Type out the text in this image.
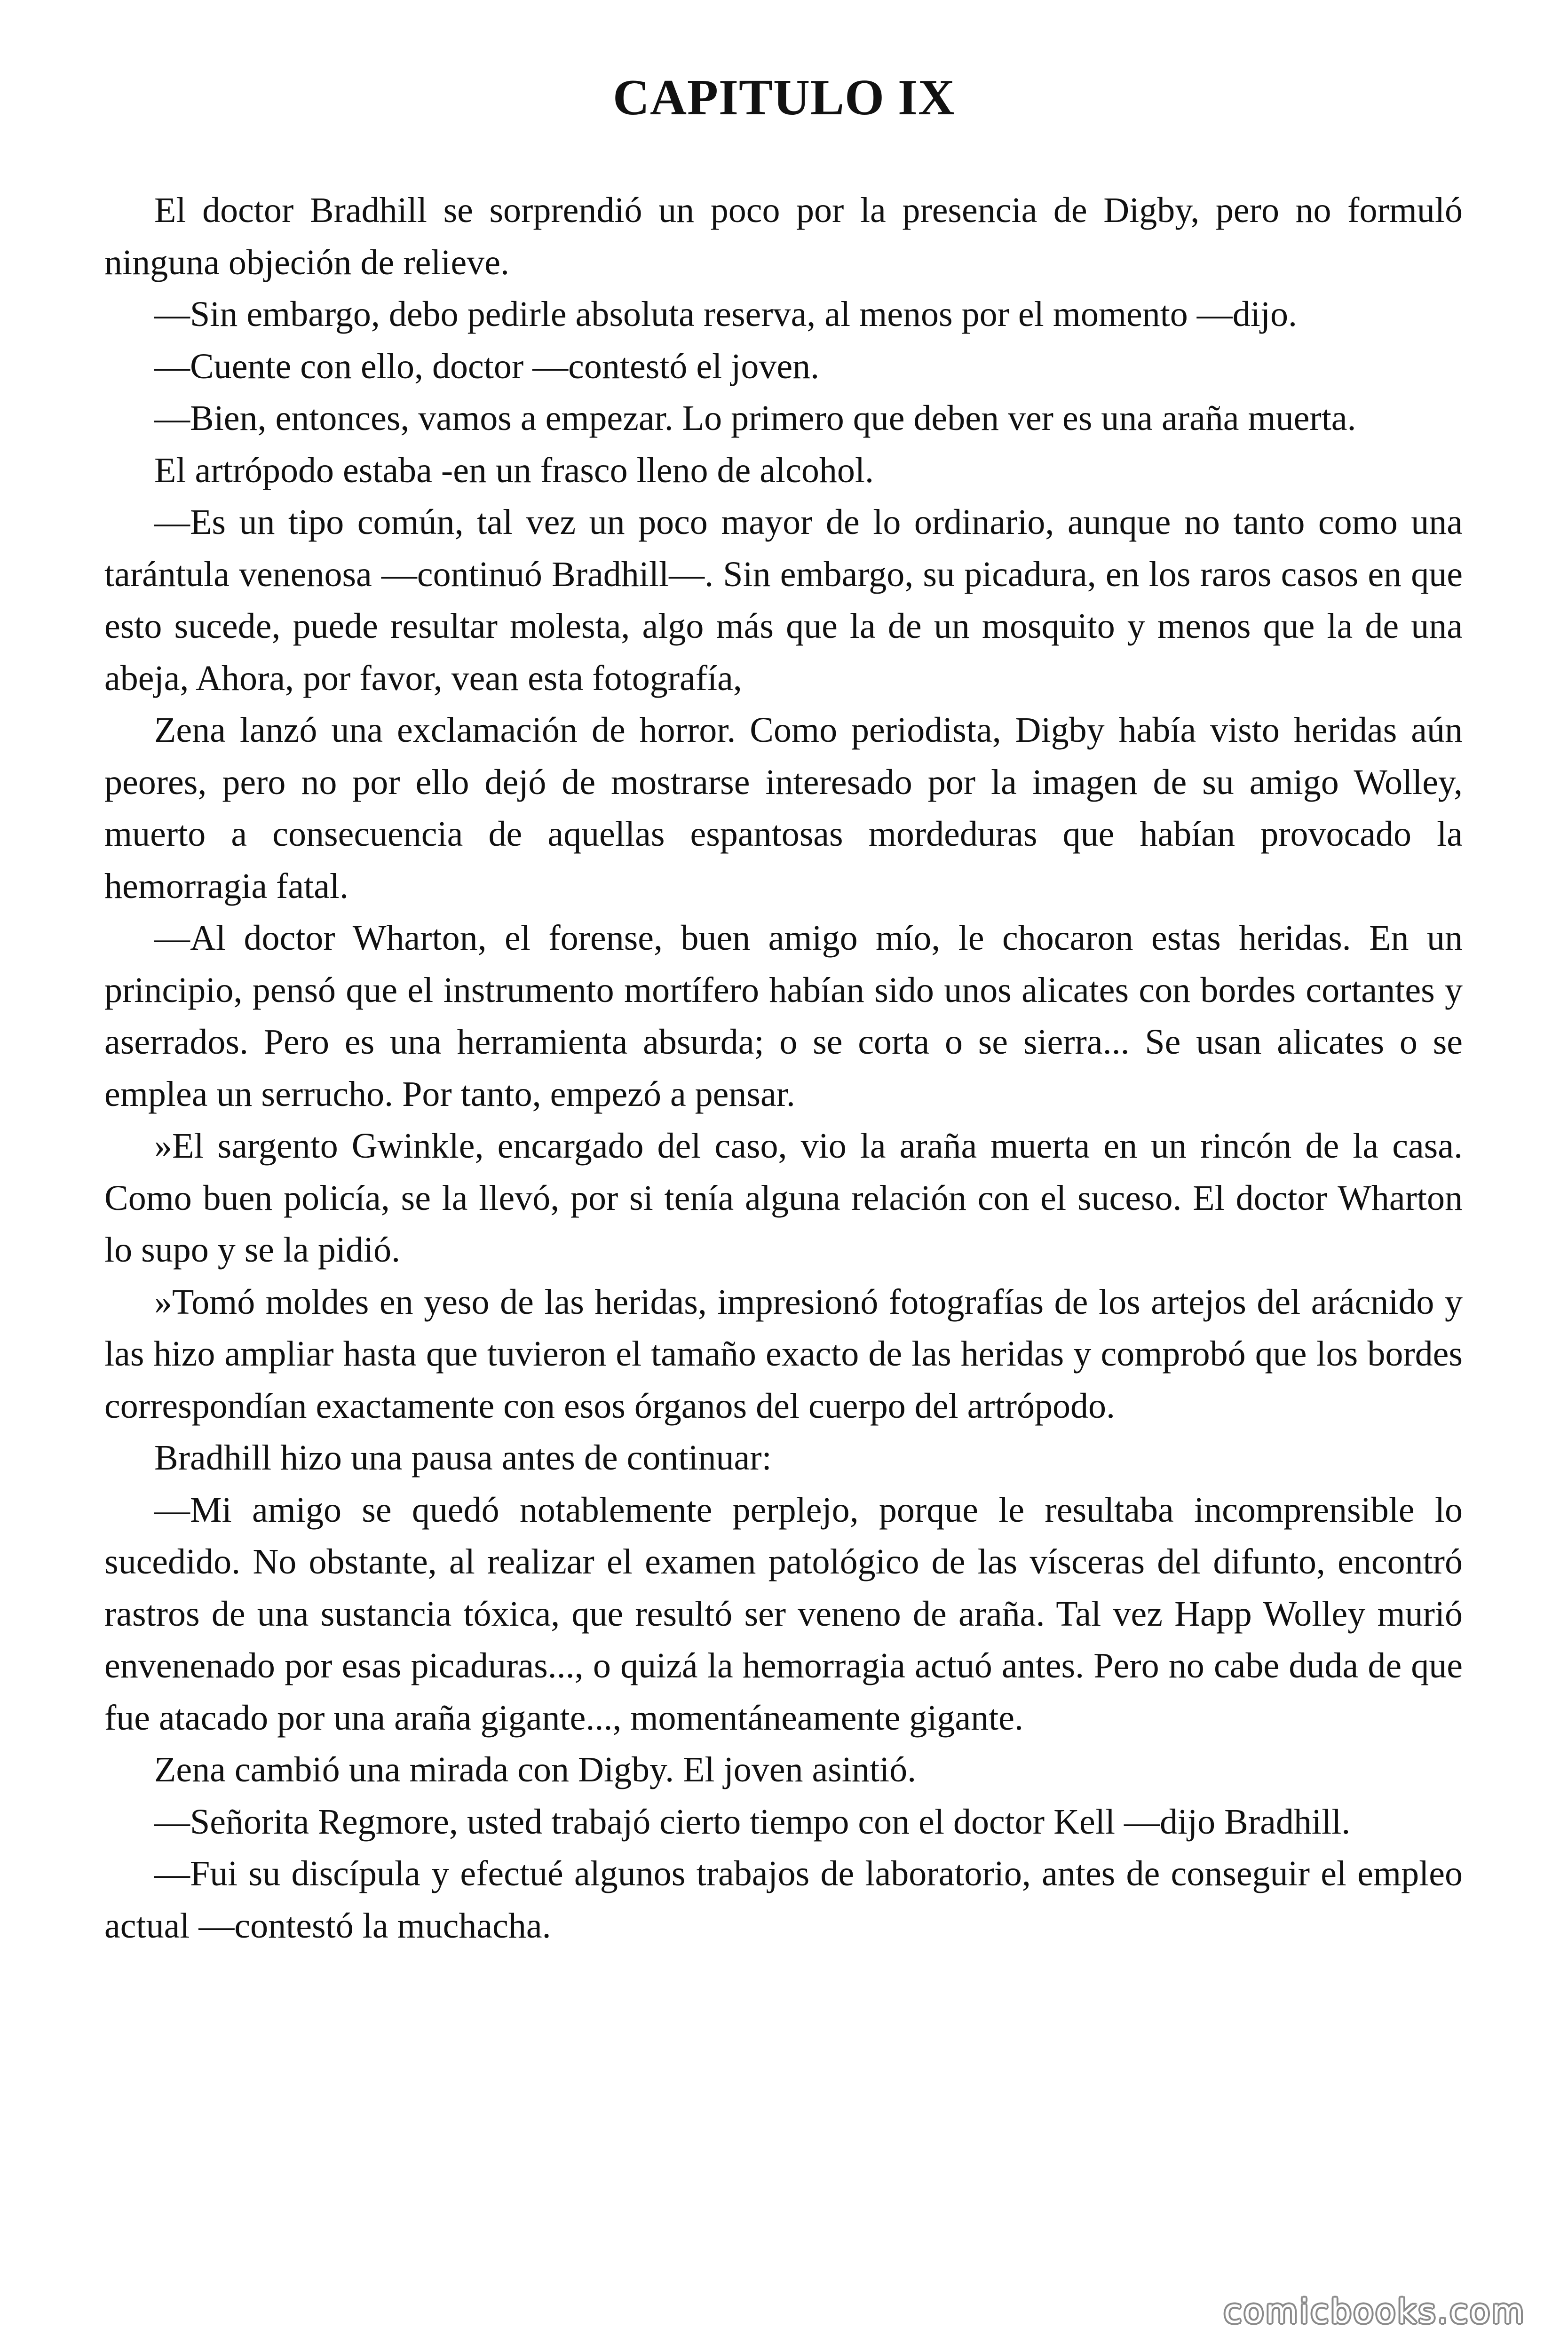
CAPITULO IX

El doctor Bradhill se sorprendió un poco por la presencia de Digby, pero no formuló ninguna objeción de relieve.

—Sin embargo, debo pedirle absoluta reserva, al menos por el momento —dijo.

—Cuente con ello, doctor —contestó el joven.

—Bien, entonces, vamos a empezar. Lo primero que deben ver es una araña muerta.

El artrópodo estaba -en un frasco lleno de alcohol.

—Es un tipo común, tal vez un poco mayor de lo ordinario, aunque no tanto como una tarántula venenosa —continuó Bradhill—. Sin embargo, su picadura, en los raros casos en que esto sucede, puede resultar molesta, algo más que la de un mosquito y menos que la de una abeja, Ahora, por favor, vean esta fotografía,

Zena lanzó una exclamación de horror. Como periodista, Digby había visto heridas aún peores, pero no por ello dejó de mostrarse interesado por la imagen de su amigo Wolley, muerto a consecuencia de aquellas espantosas mordeduras que habían provocado la hemorragia fatal.

—Al doctor Wharton, el forense, buen amigo mío, le chocaron estas heridas. En un principio, pensó que el instrumento mortífero habían sido unos alicates con bordes cortantes y aserrados. Pero es una herramienta absurda; o se corta o se sierra... Se usan alicates o se emplea un serrucho. Por tanto, empezó a pensar.

»El sargento Gwinkle, encargado del caso, vio la araña muerta en un rincón de la casa. Como buen policía, se la llevó, por si tenía alguna relación con el suceso. El doctor Wharton lo supo y se la pidió.

»Tomó moldes en yeso de las heridas, impresionó fotografías de los artejos del arácnido y las hizo ampliar hasta que tuvieron el tamaño exacto de las heridas y comprobó que los bordes correspondían exactamente con esos órganos del cuerpo del artrópodo.

Bradhill hizo una pausa antes de continuar:

—Mi amigo se quedó notablemente perplejo, porque le resultaba incomprensible lo sucedido. No obstante, al realizar el examen patológico de las vísceras del difunto, encontró rastros de una sustancia tóxica, que resultó ser veneno de araña. Tal vez Happ Wolley murió envenenado por esas picaduras..., o quizá la hemorragia actuó antes. Pero no cabe duda de que fue atacado por una araña gigante..., momentáneamente gigante.

Zena cambió una mirada con Digby. El joven asintió.

—Señorita Regmore, usted trabajó cierto tiempo con el doctor Kell —dijo Bradhill.

—Fui su discípula y efectué algunos trabajos de laboratorio, antes de conseguir el empleo actual —contestó la muchacha.

comicbooks.com
